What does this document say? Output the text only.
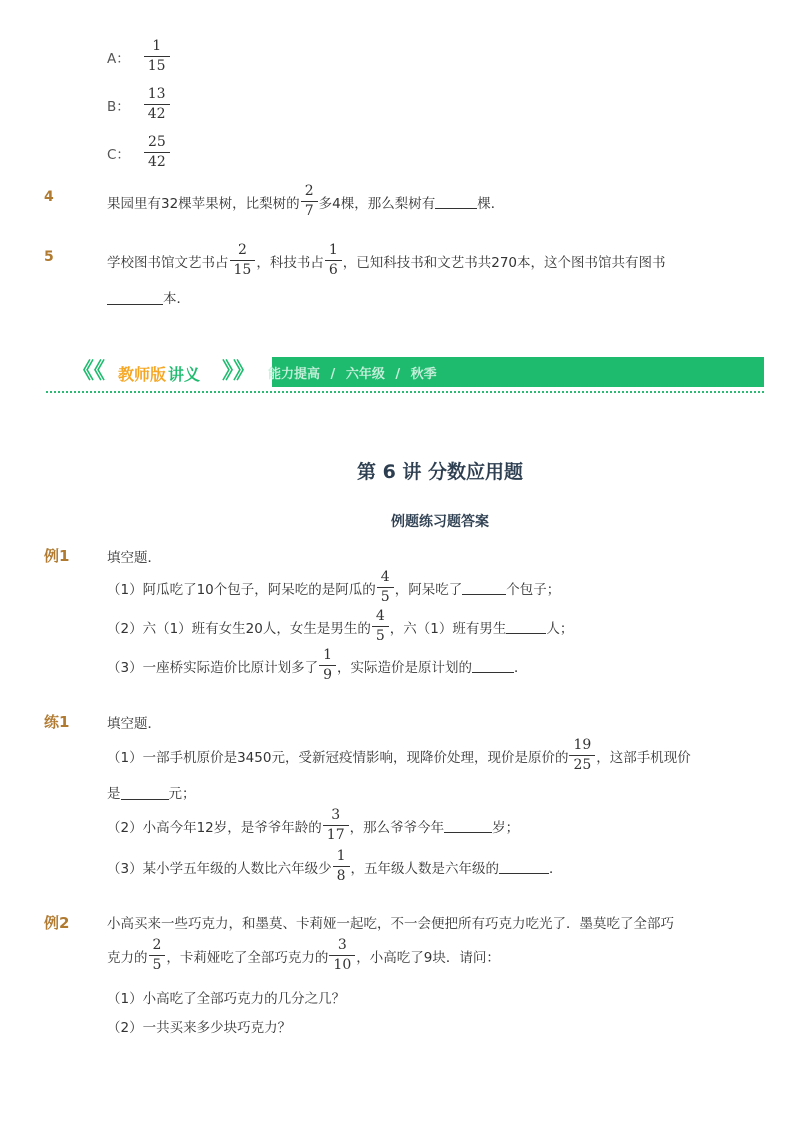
A： $\frac{1}{15}$
B： $\frac{13}{42}$
C： $\frac{25}{42}$
4	果园里有32棵苹果树，比梨树的 $\frac{2}{7}$ 多4棵，那么梨树有	棵．
5	学校图书馆文艺书占 $\frac{2}{15}$ ，科技书占 $\frac{1}{6}$ ，已知科技书和文艺书共270本，这个图书馆共有图书
本．
《《 教师版 讲义 》》 能力提高 / 六年级 / 秋季
第 6 讲 分数应用题
例题练习题答案
例1	填空题．
（1）阿瓜吃了10个包子，阿呆吃的是阿瓜的 $\frac{4}{5}$ ，阿呆吃了	个包子；
（2）六（1）班有女生20人，女生是男生的 $\frac{4}{5}$ ，六（1）班有男生	人；
（3）一座桥实际造价比原计划多了 $\frac{1}{9}$ ，实际造价是原计划的	．
练1	填空题．
（1）一部手机原价是3450元，受新冠疫情影响，现降价处理，现价是原价的 $\frac{19}{25}$ ，这部手机现价
是	元；
（2）小高今年12岁，是爷爷年龄的 $\frac{3}{17}$ ，那么爷爷今年	岁；
（3）某小学五年级的人数比六年级少 $\frac{1}{8}$ ，五年级人数是六年级的	．
例2	小高买来一些巧克力，和墨莫、卡莉娅一起吃，不一会便把所有巧克力吃光了．墨莫吃了全部巧
克力的 $\frac{2}{5}$ ，卡莉娅吃了全部巧克力的 $\frac{3}{10}$ ，小高吃了9块．请问：
（1）小高吃了全部巧克力的几分之几？
（2）一共买来多少块巧克力？
